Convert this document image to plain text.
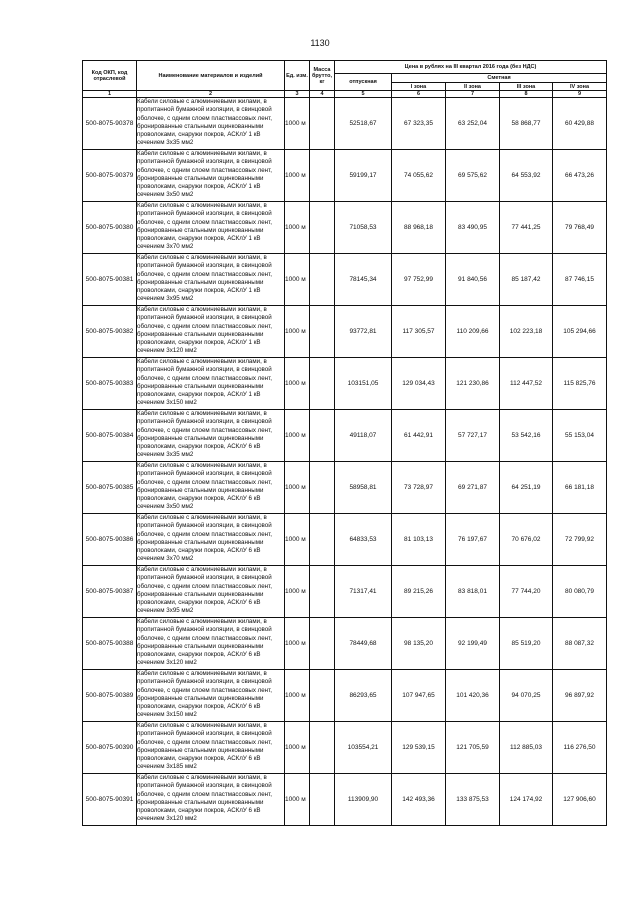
1130
Код ОКП, код отраслевой	Наименование материалов и изделий	Ед. изм.	Масса брутто, кг	Цена в рублях на III квартал 2016 года (без НДС)				
				отпускная	Сметная			
					I зона	II зона	III зона	IV зона
1	2	3	4	5	6	7	8	9
500-8075-90378	Кабели силовые с алюминиевыми жилами, в пропитанной бумажной изоляции, в свинцовой оболочке, с одним слоем пластмассовых лент, бронированные стальными оцинкованными проволоками, снаружи покров, АСКлУ 1 кВ сечением 3х35 мм2	1000 м		52518,67	67 323,35	63 252,04	58 868,77	60 429,88
500-8075-90379	Кабели силовые с алюминиевыми жилами, в пропитанной бумажной изоляции, в свинцовой оболочке, с одним слоем пластмассовых лент, бронированные стальными оцинкованными проволоками, снаружи покров, АСКлУ 1 кВ сечением 3х50 мм2	1000 м		59199,17	74 055,62	69 575,62	64 553,92	66 473,26
500-8075-90380	Кабели силовые с алюминиевыми жилами, в пропитанной бумажной изоляции, в свинцовой оболочке, с одним слоем пластмассовых лент, бронированные стальными оцинкованными проволоками, снаружи покров, АСКлУ 1 кВ сечением 3х70 мм2	1000 м		71058,53	88 968,18	83 490,95	77 441,25	79 768,49
500-8075-90381	Кабели силовые с алюминиевыми жилами, в пропитанной бумажной изоляции, в свинцовой оболочке, с одним слоем пластмассовых лент, бронированные стальными оцинкованными проволоками, снаружи покров, АСКлУ 1 кВ сечением 3х95 мм2	1000 м		78145,34	97 752,99	91 840,56	85 187,42	87 746,15
500-8075-90382	Кабели силовые с алюминиевыми жилами, в пропитанной бумажной изоляции, в свинцовой оболочке, с одним слоем пластмассовых лент, бронированные стальными оцинкованными проволоками, снаружи покров, АСКлУ 1 кВ сечением 3х120 мм2	1000 м		93772,81	117 305,57	110 209,66	102 223,18	105 294,66
500-8075-90383	Кабели силовые с алюминиевыми жилами, в пропитанной бумажной изоляции, в свинцовой оболочке, с одним слоем пластмассовых лент, бронированные стальными оцинкованными проволоками, снаружи покров, АСКлУ 1 кВ сечением 3х150 мм2	1000 м		103151,05	129 034,43	121 230,86	112 447,52	115 825,76
500-8075-90384	Кабели силовые с алюминиевыми жилами, в пропитанной бумажной изоляции, в свинцовой оболочке, с одним слоем пластмассовых лент, бронированные стальными оцинкованными проволоками, снаружи покров, АСКлУ 6 кВ сечением 3х35 мм2	1000 м		49118,07	61 442,91	57 727,17	53 542,16	55 153,04
500-8075-90385	Кабели силовые с алюминиевыми жилами, в пропитанной бумажной изоляции, в свинцовой оболочке, с одним слоем пластмассовых лент, бронированные стальными оцинкованными проволоками, снаружи покров, АСКлУ 6 кВ сечением 3х50 мм2	1000 м		58958,81	73 728,97	69 271,87	64 251,19	66 181,18
500-8075-90386	Кабели силовые с алюминиевыми жилами, в пропитанной бумажной изоляции, в свинцовой оболочке, с одним слоем пластмассовых лент, бронированные стальными оцинкованными проволоками, снаружи покров, АСКлУ 6 кВ сечением 3х70 мм2	1000 м		64833,53	81 103,13	76 197,67	70 676,02	72 799,92
500-8075-90387	Кабели силовые с алюминиевыми жилами, в пропитанной бумажной изоляции, в свинцовой оболочке, с одним слоем пластмассовых лент, бронированные стальными оцинкованными проволоками, снаружи покров, АСКлУ 6 кВ сечением 3х95 мм2	1000 м		71317,41	89 215,26	83 818,01	77 744,20	80 080,79
500-8075-90388	Кабели силовые с алюминиевыми жилами, в пропитанной бумажной изоляции, в свинцовой оболочке, с одним слоем пластмассовых лент, бронированные стальными оцинкованными проволоками, снаружи покров, АСКлУ 6 кВ сечением 3х120 мм2	1000 м		78449,68	98 135,20	92 199,49	85 519,20	88 087,32
500-8075-90389	Кабели силовые с алюминиевыми жилами, в пропитанной бумажной изоляции, в свинцовой оболочке, с одним слоем пластмассовых лент, бронированные стальными оцинкованными проволоками, снаружи покров, АСКлУ 6 кВ сечением 3х150 мм2	1000 м		86293,65	107 947,65	101 420,36	94 070,25	96 897,92
500-8075-90390	Кабели силовые с алюминиевыми жилами, в пропитанной бумажной изоляции, в свинцовой оболочке, с одним слоем пластмассовых лент, бронированные стальными оцинкованными проволоками, снаружи покров, АСКлУ 6 кВ сечением 3х185 мм2	1000 м		103554,21	129 539,15	121 705,59	112 885,03	116 276,50
500-8075-90391	Кабели силовые с алюминиевыми жилами, в пропитанной бумажной изоляции, в свинцовой оболочке, с одним слоем пластмассовых лент, бронированные стальными оцинкованными проволоками, снаружи покров, АСКлУ 6 кВ сечением 3х120 мм2	1000 м		113909,90	142 493,36	133 875,53	124 174,92	127 906,60
